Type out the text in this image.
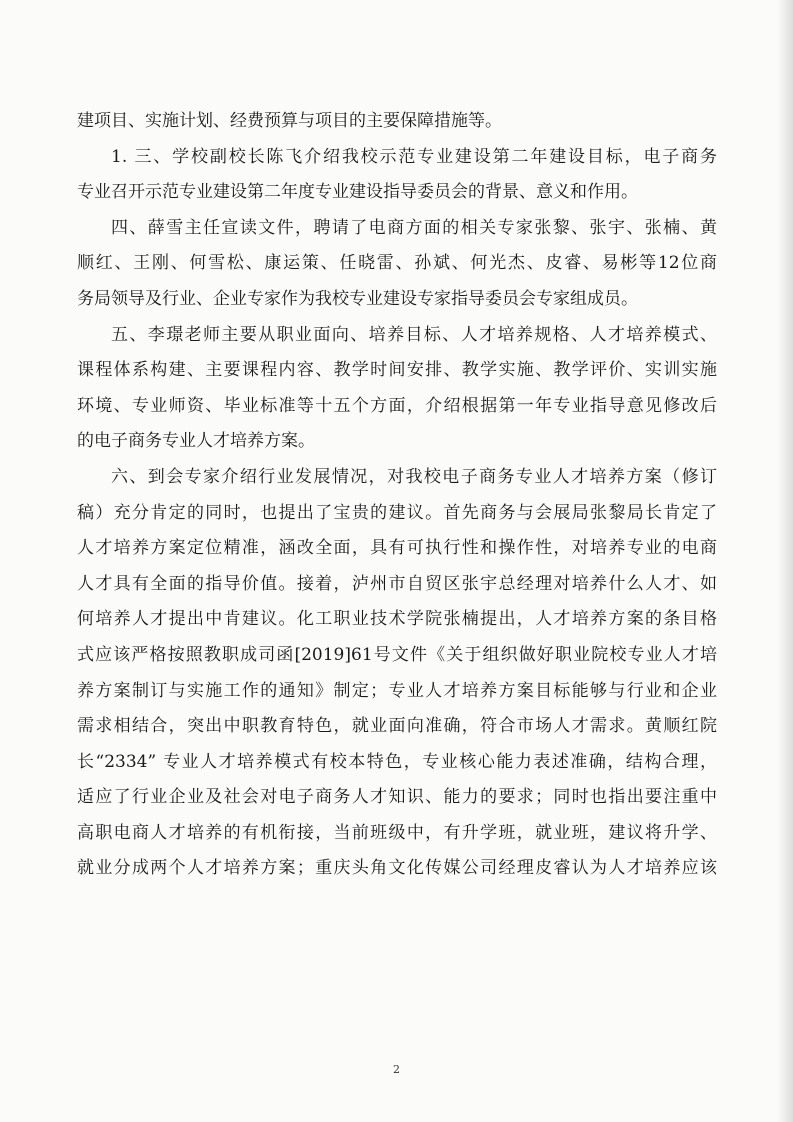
建项目、实施计划、经费预算与项目的主要保障措施等。
1. 三、学校副校长陈飞介绍我校示范专业建设第二年建设目标，电子商务
专业召开示范专业建设第二年度专业建设指导委员会的背景、意义和作用。
四、薛雪主任宣读文件，聘请了电商方面的相关专家张黎、张宇、张楠、黄
顺红、王刚、何雪松、康运策、任晓雷、孙斌、何光杰、皮睿、易彬等12位商
务局领导及行业、企业专家作为我校专业建设专家指导委员会专家组成员。
五、李璟老师主要从职业面向、培养目标、人才培养规格、人才培养模式、
课程体系构建、主要课程内容、教学时间安排、教学实施、教学评价、实训实施
环境、专业师资、毕业标准等十五个方面，介绍根据第一年专业指导意见修改后
的电子商务专业人才培养方案。
六、到会专家介绍行业发展情况，对我校电子商务专业人才培养方案（修订
稿）充分肯定的同时，也提出了宝贵的建议。首先商务与会展局张黎局长肯定了
人才培养方案定位精准，涵改全面，具有可执行性和操作性，对培养专业的电商
人才具有全面的指导价值。接着，泸州市自贸区张宇总经理对培养什么人才、如
何培养人才提出中肯建议。化工职业技术学院张楠提出，人才培养方案的条目格
式应该严格按照教职成司函[2019]61号文件《关于组织做好职业院校专业人才培
养方案制订与实施工作的通知》制定；专业人才培养方案目标能够与行业和企业
需求相结合，突出中职教育特色，就业面向准确，符合市场人才需求。黄顺红院
长“2334” 专业人才培养模式有校本特色，专业核心能力表述准确，结构合理，
适应了行业企业及社会对电子商务人才知识、能力的要求；同时也指出要注重中
高职电商人才培养的有机衔接，当前班级中，有升学班，就业班，建议将升学、
就业分成两个人才培养方案；重庆头角文化传媒公司经理皮睿认为人才培养应该
2
